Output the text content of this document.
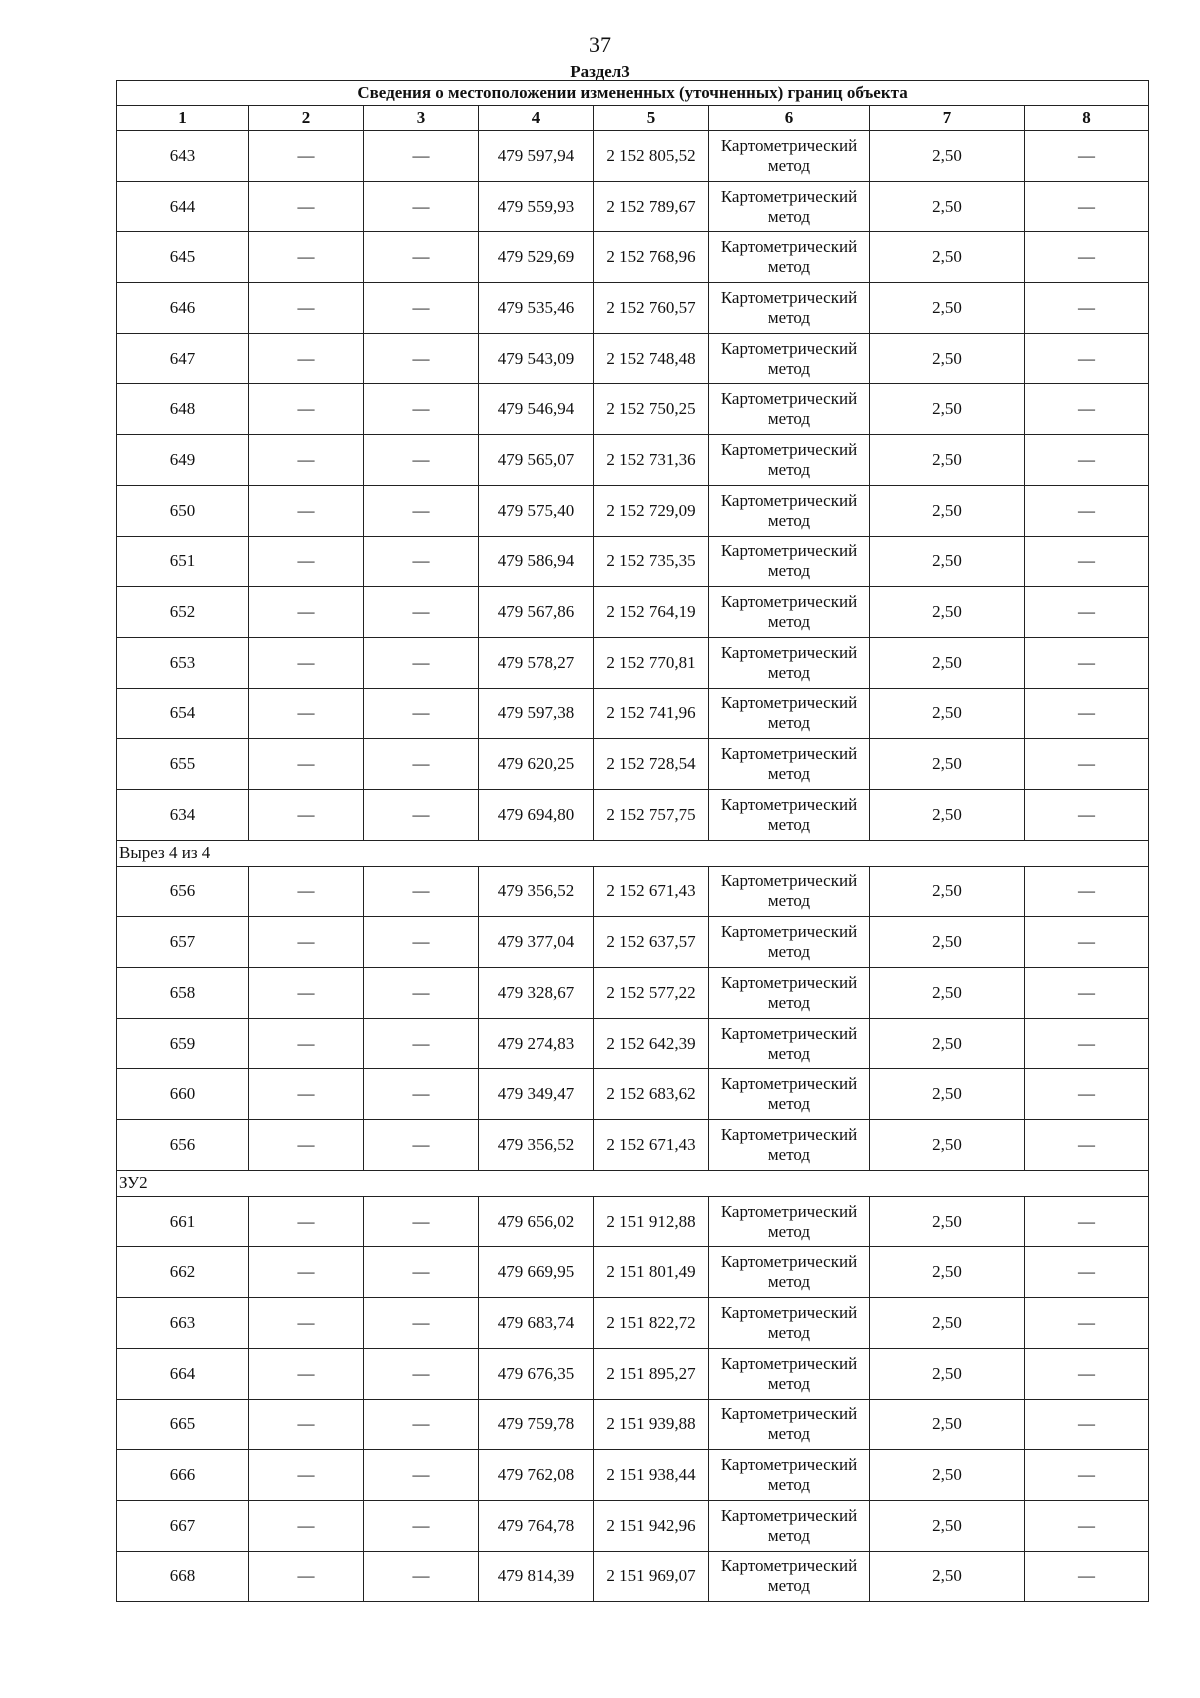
37
Раздел3
Сведения о местоположении измененных (уточненных) границ объекта							
1	2	3	4	5	6	7	8
643	—	—	479 597,94	2 152 805,52	Картометрический метод	2,50	—
644	—	—	479 559,93	2 152 789,67	Картометрический метод	2,50	—
645	—	—	479 529,69	2 152 768,96	Картометрический метод	2,50	—
646	—	—	479 535,46	2 152 760,57	Картометрический метод	2,50	—
647	—	—	479 543,09	2 152 748,48	Картометрический метод	2,50	—
648	—	—	479 546,94	2 152 750,25	Картометрический метод	2,50	—
649	—	—	479 565,07	2 152 731,36	Картометрический метод	2,50	—
650	—	—	479 575,40	2 152 729,09	Картометрический метод	2,50	—
651	—	—	479 586,94	2 152 735,35	Картометрический метод	2,50	—
652	—	—	479 567,86	2 152 764,19	Картометрический метод	2,50	—
653	—	—	479 578,27	2 152 770,81	Картометрический метод	2,50	—
654	—	—	479 597,38	2 152 741,96	Картометрический метод	2,50	—
655	—	—	479 620,25	2 152 728,54	Картометрический метод	2,50	—
634	—	—	479 694,80	2 152 757,75	Картометрический метод	2,50	—
Вырез 4 из 4							
656	—	—	479 356,52	2 152 671,43	Картометрический метод	2,50	—
657	—	—	479 377,04	2 152 637,57	Картометрический метод	2,50	—
658	—	—	479 328,67	2 152 577,22	Картометрический метод	2,50	—
659	—	—	479 274,83	2 152 642,39	Картометрический метод	2,50	—
660	—	—	479 349,47	2 152 683,62	Картометрический метод	2,50	—
656	—	—	479 356,52	2 152 671,43	Картометрический метод	2,50	—
ЗУ2							
661	—	—	479 656,02	2 151 912,88	Картометрический метод	2,50	—
662	—	—	479 669,95	2 151 801,49	Картометрический метод	2,50	—
663	—	—	479 683,74	2 151 822,72	Картометрический метод	2,50	—
664	—	—	479 676,35	2 151 895,27	Картометрический метод	2,50	—
665	—	—	479 759,78	2 151 939,88	Картометрический метод	2,50	—
666	—	—	479 762,08	2 151 938,44	Картометрический метод	2,50	—
667	—	—	479 764,78	2 151 942,96	Картометрический метод	2,50	—
668	—	—	479 814,39	2 151 969,07	Картометрический метод	2,50	—
